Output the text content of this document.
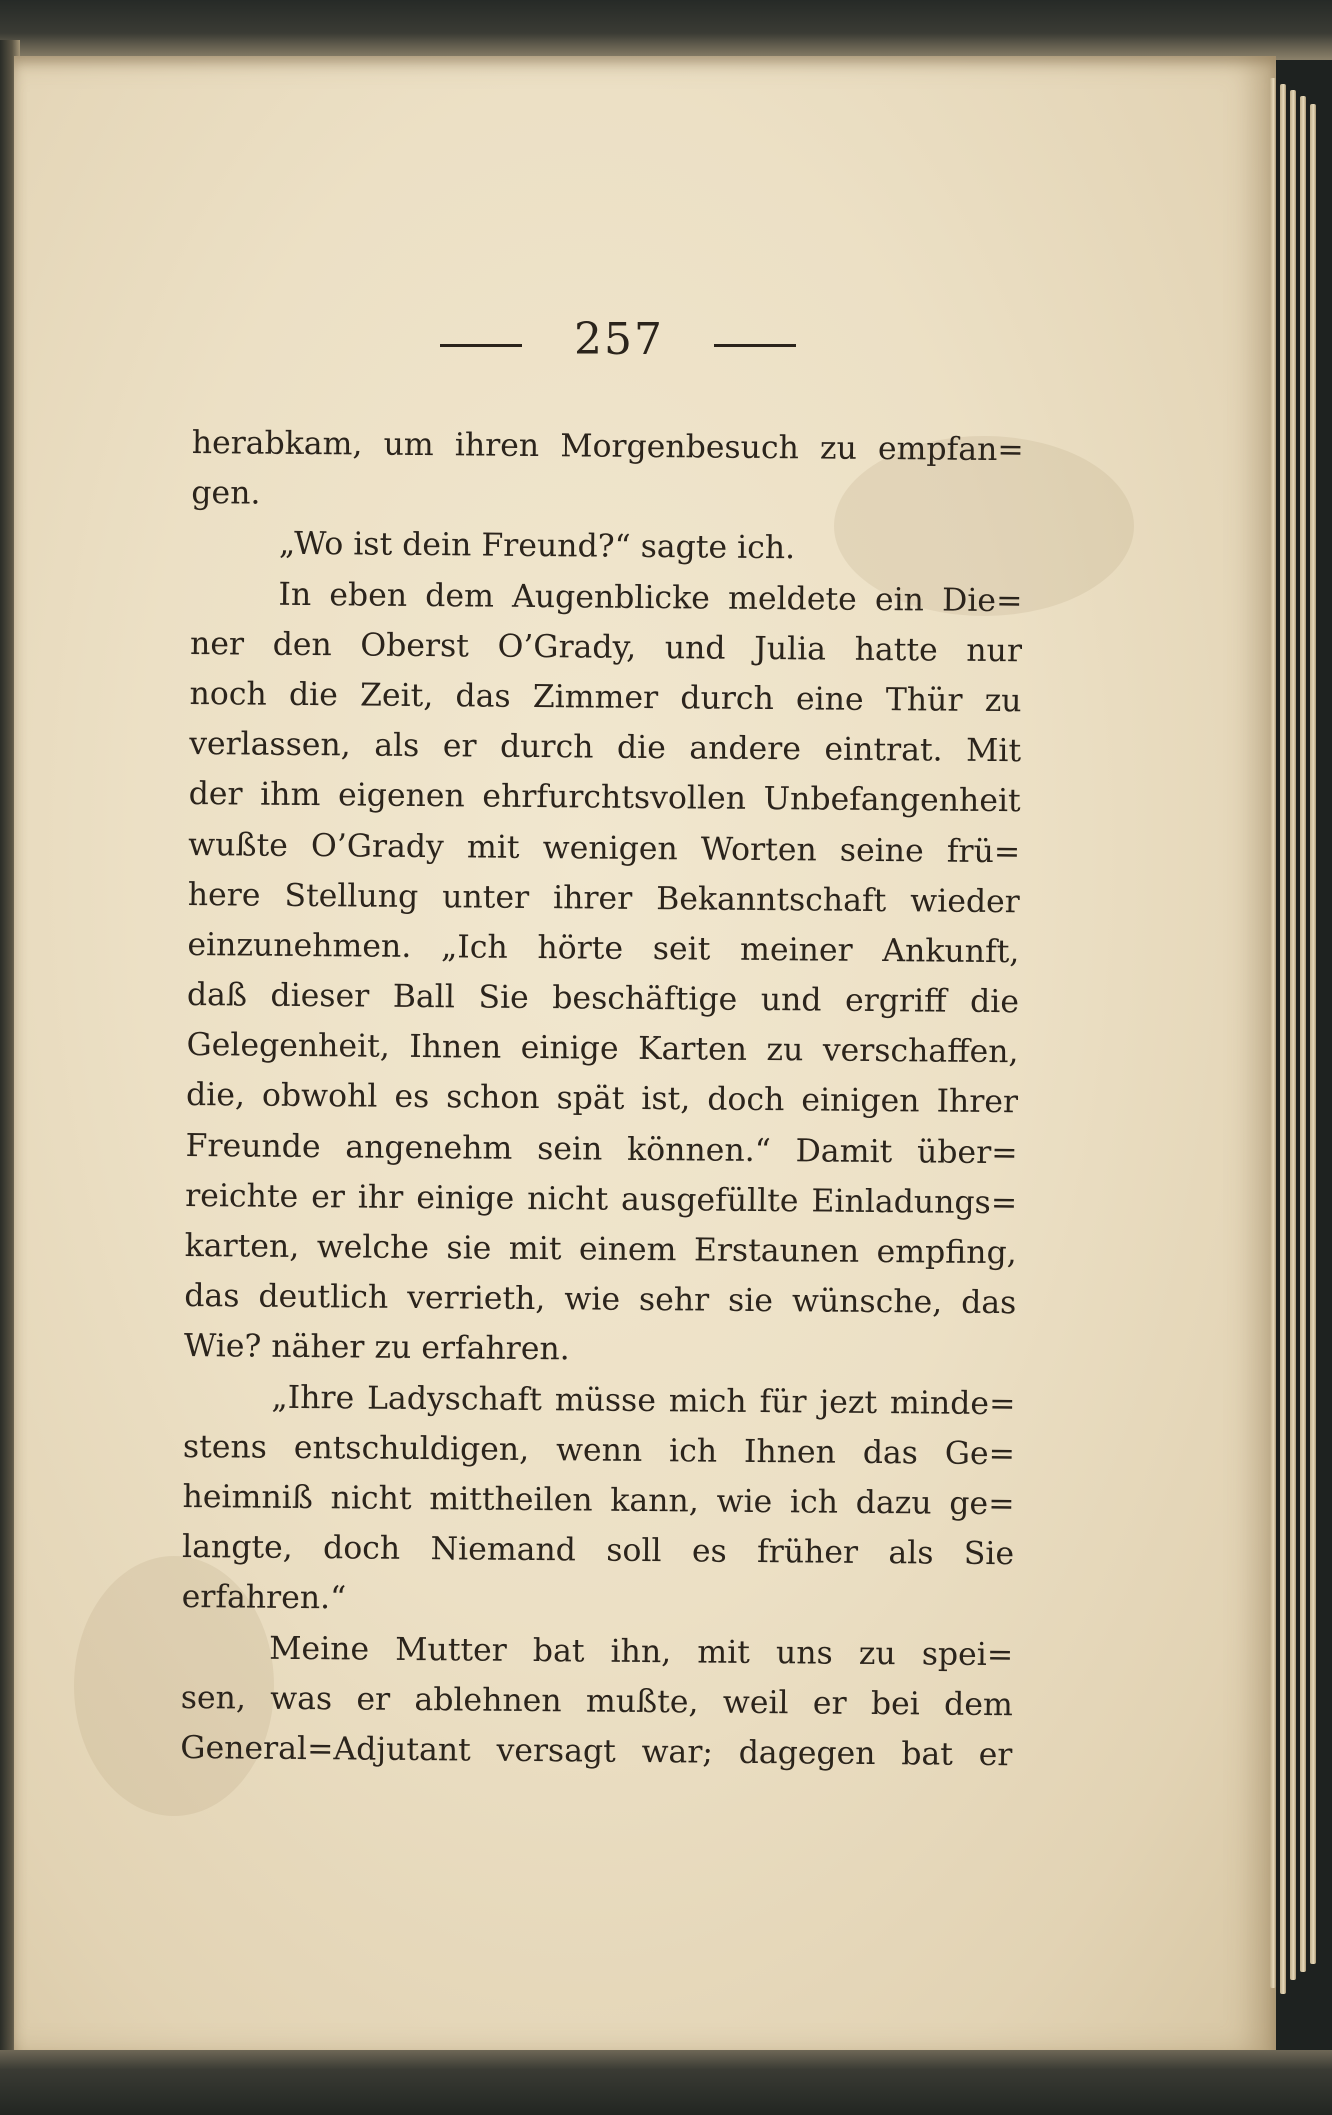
257
herabkam, um ihren Morgenbesuch zu empfan=
gen.
„Wo ist dein Freund?“ sagte ich.
In eben dem Augenblicke meldete ein Die=
ner den Oberst O’Grady, und Julia hatte nur
noch die Zeit, das Zimmer durch eine Thür zu
verlassen, als er durch die andere eintrat. Mit
der ihm eigenen ehrfurchtsvollen Unbefangenheit
wußte O’Grady mit wenigen Worten seine frü=
here Stellung unter ihrer Bekanntschaft wieder
einzunehmen. „Ich hörte seit meiner Ankunft,
daß dieser Ball Sie beschäftige und ergriff die
Gelegenheit, Ihnen einige Karten zu verschaffen,
die, obwohl es schon spät ist, doch einigen Ihrer
Freunde angenehm sein können.“ Damit über=
reichte er ihr einige nicht ausgefüllte Einladungs=
karten, welche sie mit einem Erstaunen empfing,
das deutlich verrieth, wie sehr sie wünsche, das
Wie? näher zu erfahren.
„Ihre Ladyschaft müsse mich für jezt minde=
stens entschuldigen, wenn ich Ihnen das Ge=
heimniß nicht mittheilen kann, wie ich dazu ge=
langte, doch Niemand soll es früher als Sie
erfahren.“
Meine Mutter bat ihn, mit uns zu spei=
sen, was er ablehnen mußte, weil er bei dem
General=Adjutant versagt war; dagegen bat er
